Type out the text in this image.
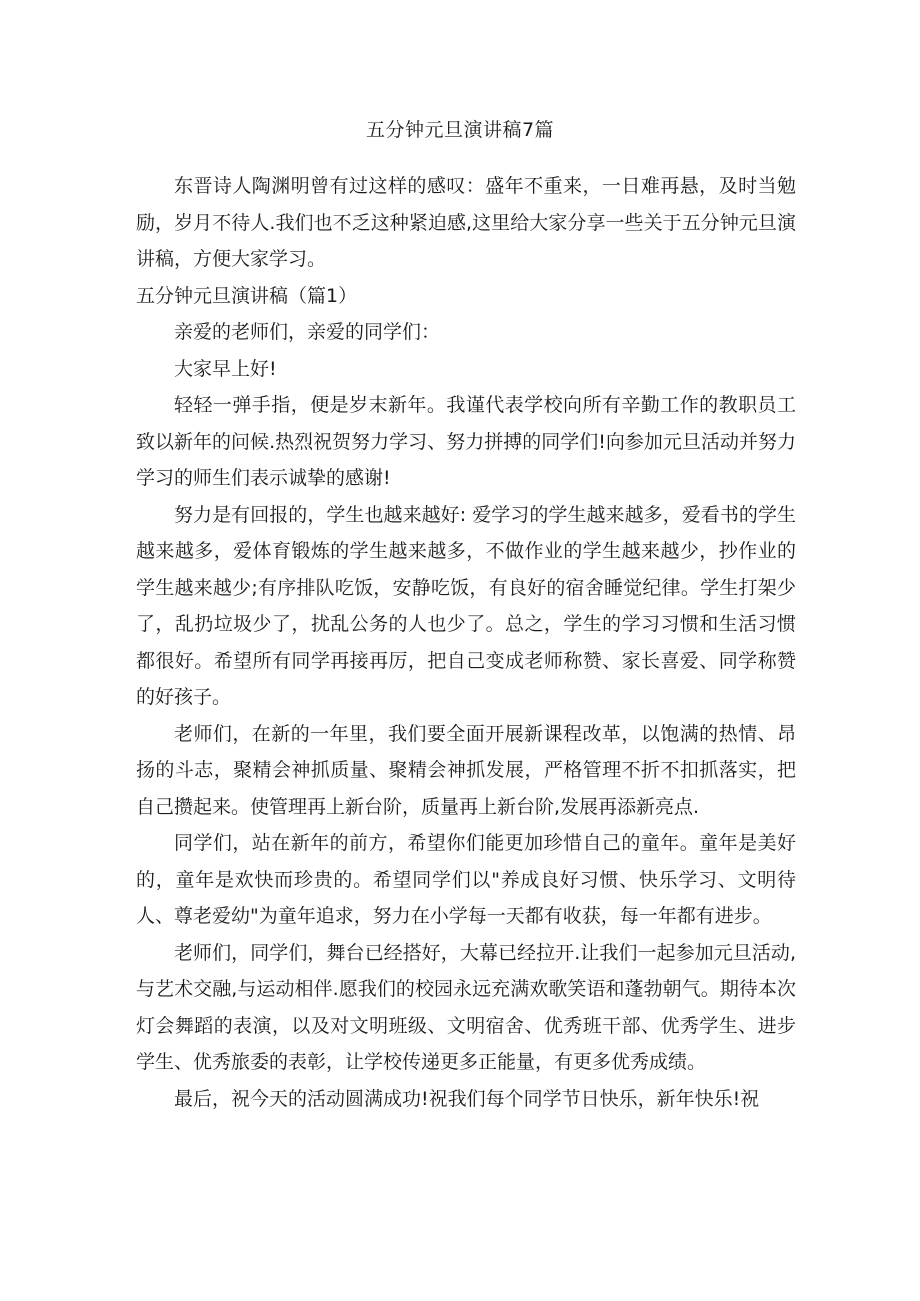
五分钟元旦演讲稿7篇

东晋诗人陶渊明曾有过这样的感叹：盛年不重来，一日难再悬，及时当勉励，岁月不待人.我们也不乏这种紧迫感,这里给大家分享一些关于五分钟元旦演讲稿，方便大家学习。

五分钟元旦演讲稿（篇1）

亲爱的老师们，亲爱的同学们：

大家早上好!

轻轻一弹手指，便是岁末新年。我谨代表学校向所有辛勤工作的教职员工致以新年的问候.热烈祝贺努力学习、努力拼搏的同学们!向参加元旦活动并努力学习的师生们表示诚挚的感谢!

努力是有回报的，学生也越来越好: 爱学习的学生越来越多，爱看书的学生越来越多，爱体育锻炼的学生越来越多，不做作业的学生越来越少，抄作业的学生越来越少;有序排队吃饭，安静吃饭，有良好的宿舍睡觉纪律。学生打架少了，乱扔垃圾少了，扰乱公务的人也少了。总之，学生的学习习惯和生活习惯都很好。希望所有同学再接再厉，把自己变成老师称赞、家长喜爱、同学称赞的好孩子。

老师们，在新的一年里，我们要全面开展新课程改革，以饱满的热情、昂扬的斗志，聚精会神抓质量、聚精会神抓发展，严格管理不折不扣抓落实，把自己攒起来。使管理再上新台阶，质量再上新台阶,发展再添新亮点.

同学们，站在新年的前方，希望你们能更加珍惜自己的童年。童年是美好的，童年是欢快而珍贵的。希望同学们以"养成良好习惯、快乐学习、文明待人、尊老爱幼"为童年追求，努力在小学每一天都有收获，每一年都有进步。

老师们，同学们，舞台已经搭好，大幕已经拉开.让我们一起参加元旦活动,与艺术交融,与运动相伴.愿我们的校园永远充满欢歌笑语和蓬勃朝气。期待本次灯会舞蹈的表演，以及对文明班级、文明宿舍、优秀班干部、优秀学生、进步学生、优秀旅委的表彰，让学校传递更多正能量，有更多优秀成绩。

最后，祝今天的活动圆满成功!祝我们每个同学节日快乐，新年快乐!祝
